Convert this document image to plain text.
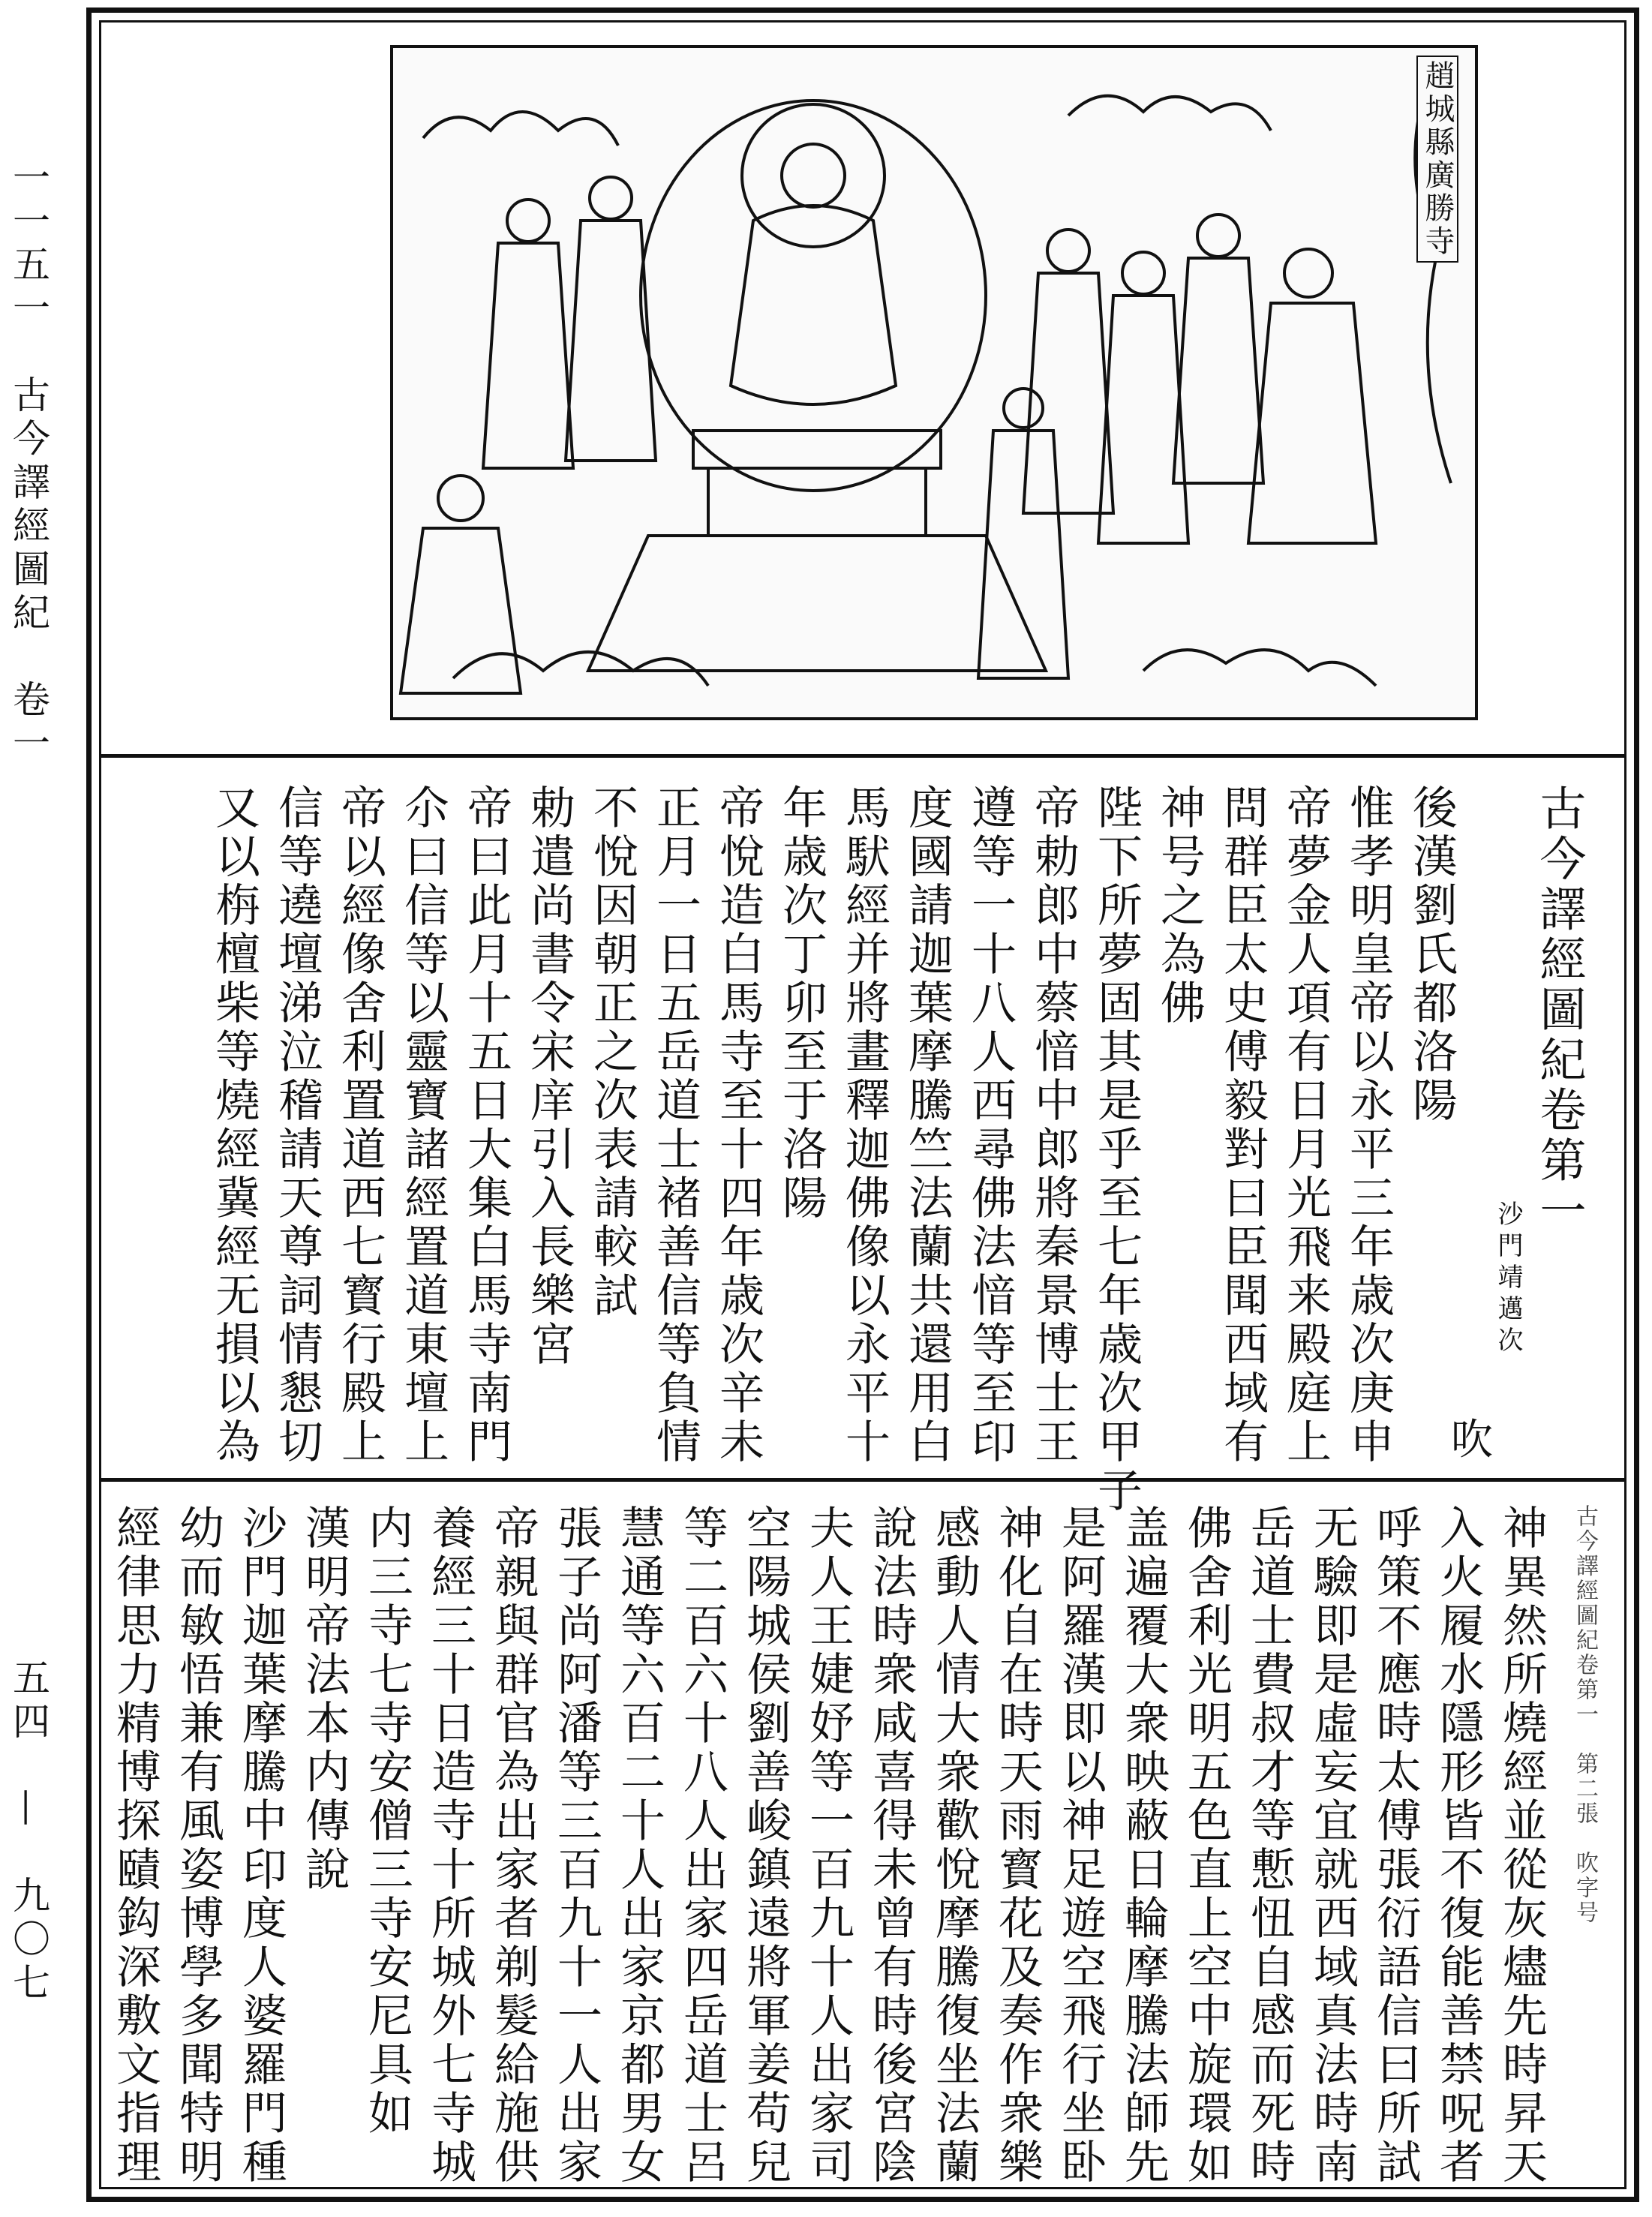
一一五一　古今譯經圖紀　卷一
五四　—　九〇七
趙城縣廣勝寺
古今譯經圖紀卷第一
沙門靖邁次
吹
後漢劉氏都洛陽
惟孝明皇帝以永平三年歳次庚申
帝夢金人項有日月光飛来殿庭上
問群臣太史傅毅對曰臣聞西域有
神号之為佛
陛下所夢固其是乎至七年歳次甲子
帝勅郎中蔡愔中郎將秦景博士王
遵等一十八人西尋佛法愔等至印
度國請迦葉摩騰竺法蘭共還用白
馬䭾經并將畫釋迦佛像以永平十
年歳次丁卯至于洛陽
帝悅造白馬寺至十四年歳次辛未
正月一日五岳道士褚善信等負情
不悅因朝正之次表請較試
勅遣尚書令宋庠引入長樂宮
帝曰此月十五日大集白馬寺南門
尒曰信等以靈寶諸經置道東壇上
帝以經像舍利置道西七寳行殿上
信等遶壇涕泣稽請天尊詞情懇切
又以栴檀柴等燒經冀經无損以為
古今譯經圖紀卷第一　第二張　吹字号
神異然所燒經並從灰燼先時昇天
入火履水隱形皆不復能善禁呪者
呼策不應時太傅張衍語信曰所試
无驗即是虛妄宜就西域真法時南
岳道士費叔才等慙忸自感而死時
佛舍利光明五色直上空中旋環如
盖遍覆大衆映蔽日輪摩騰法師先
是阿羅漢即以神足遊空飛行坐卧
神化自在時天雨寳花及奏作衆樂
感動人情大衆歡悅摩騰復坐法蘭
說法時衆咸喜得未曾有時後宮陰
夫人王婕妤等一百九十人出家司
空陽城侯劉善峻鎮遠將軍姜苟兒
等二百六十八人出家四岳道士呂
慧通等六百二十人出家京都男女
張子尚阿潘等三百九十一人出家
帝親與群官為出家者剃髮給施供
養經三十日造寺十所城外七寺城
内三寺七寺安僧三寺安尼具如
漢明帝法本内傳說
沙門迦葉摩騰中印度人婆羅門種
幼而敏悟兼有風姿博學多聞特明
經律思力精博探賾鈎深敷文指理
